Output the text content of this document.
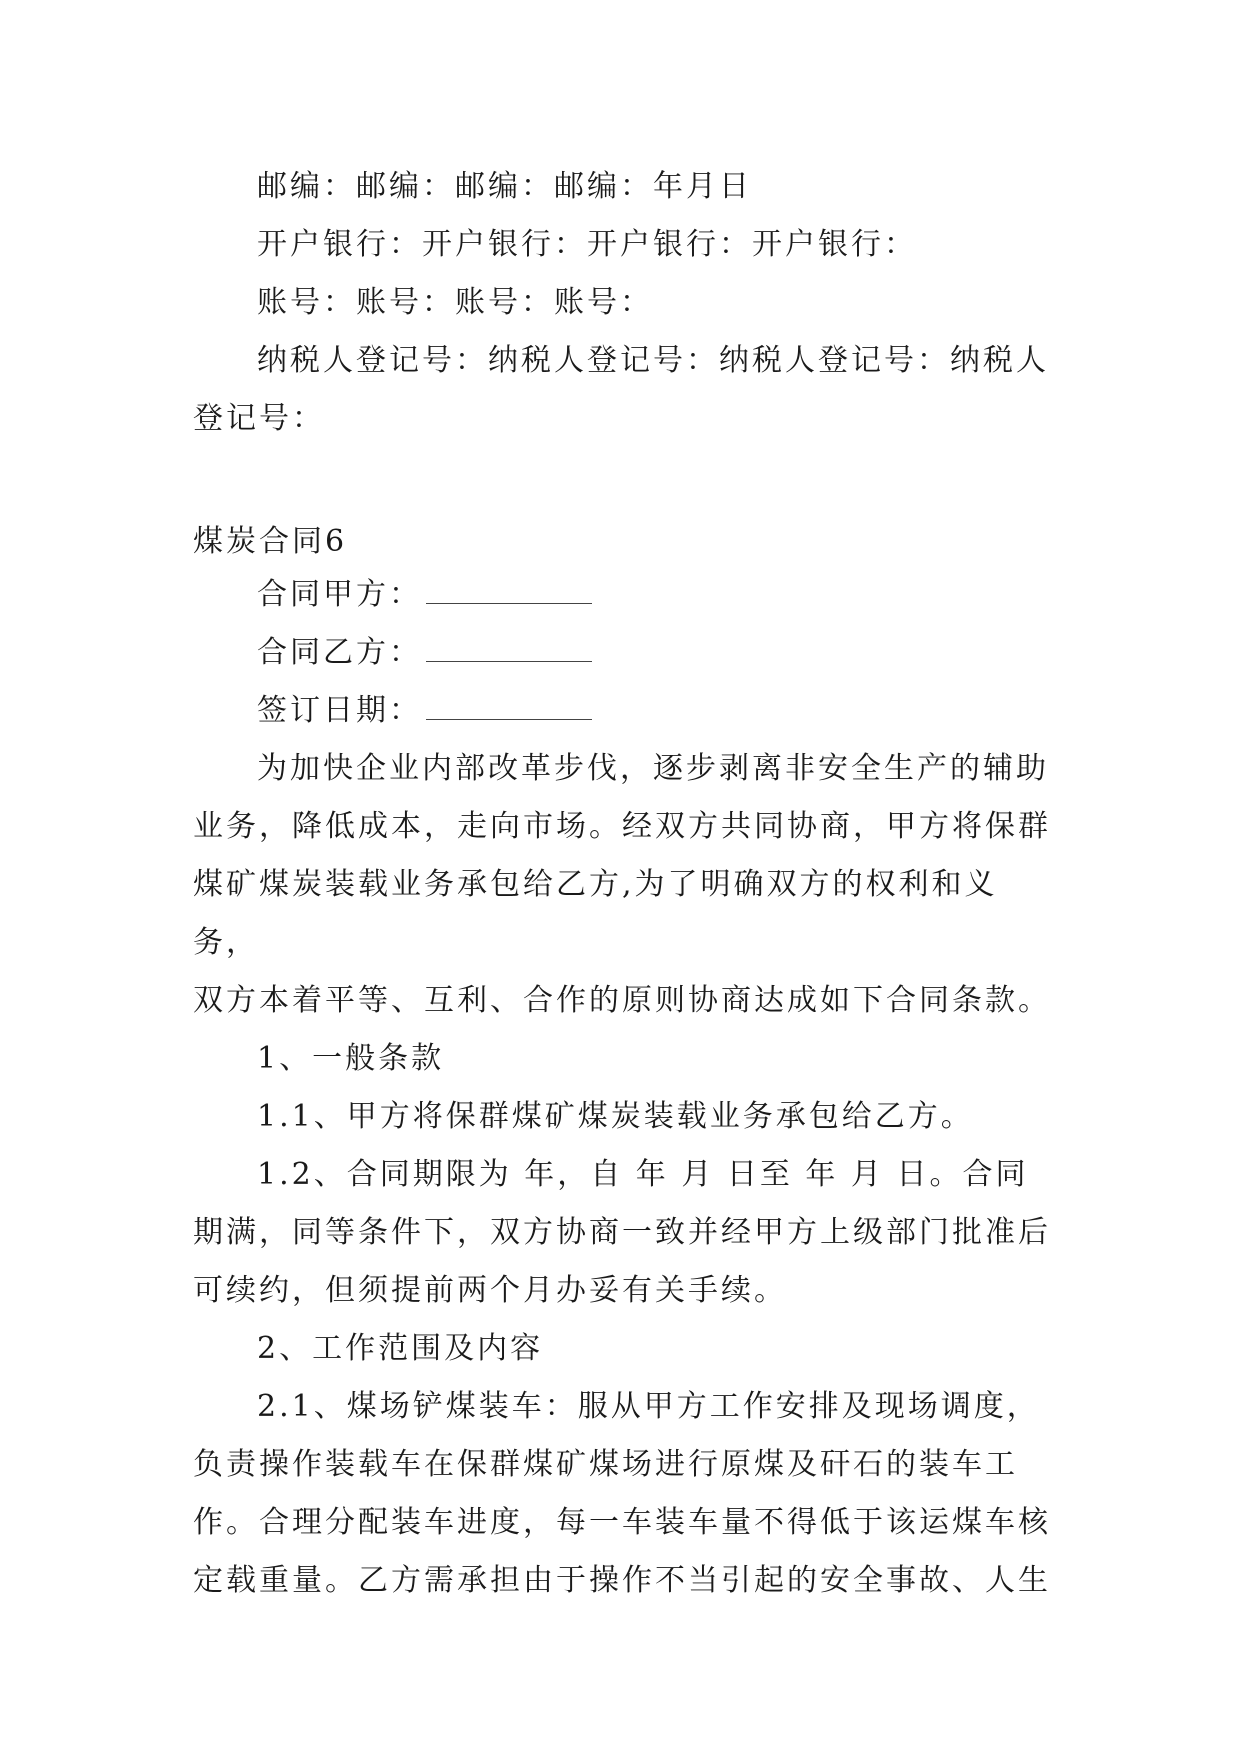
邮编：邮编：邮编：邮编：年月日
开户银行：开户银行：开户银行：开户银行：
账号：账号：账号：账号：
纳税人登记号：纳税人登记号：纳税人登记号：纳税人
登记号：
煤炭合同6
合同甲方：
合同乙方：
签订日期：
为加快企业内部改革步伐，逐步剥离非安全生产的辅助
业务，降低成本，走向市场。经双方共同协商，甲方将保群
煤矿煤炭装载业务承包给乙方,为了明确双方的权利和义务，
双方本着平等、互利、合作的原则协商达成如下合同条款。
1、一般条款
1.1、甲方将保群煤矿煤炭装载业务承包给乙方。
1.2、合同期限为 年，自 年 月 日至 年 月 日。合同
期满，同等条件下，双方协商一致并经甲方上级部门批准后
可续约，但须提前两个月办妥有关手续。
2、工作范围及内容
2.1、煤场铲煤装车：服从甲方工作安排及现场调度，
负责操作装载车在保群煤矿煤场进行原煤及矸石的装车工
作。合理分配装车进度，每一车装车量不得低于该运煤车核
定载重量。乙方需承担由于操作不当引起的安全事故、人生
